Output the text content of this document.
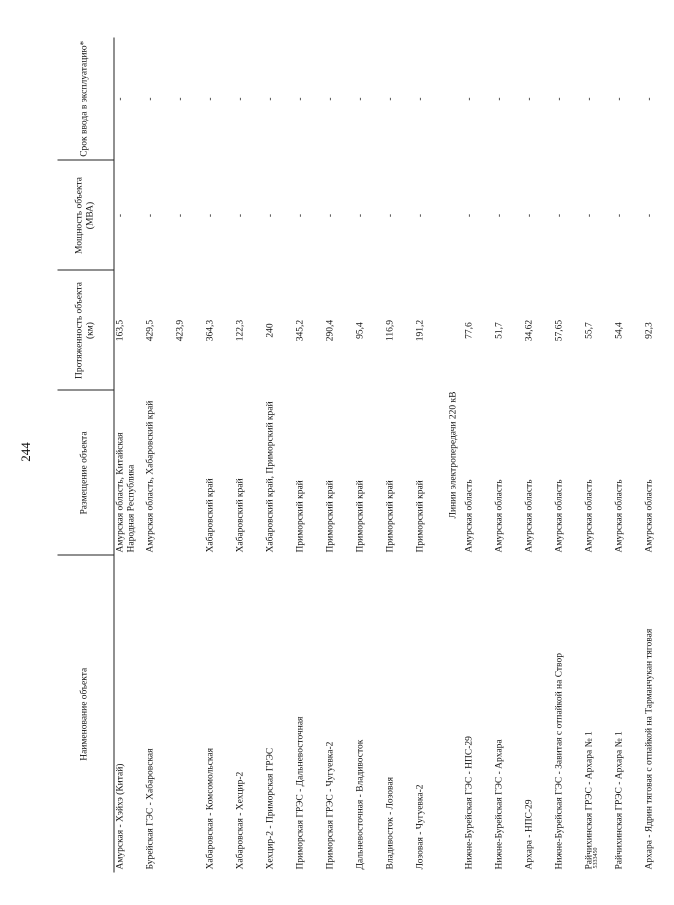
244
5333450
Наименование объекта	Размещение объекта	Протяженность объекта (км)	Мощность объекта (МВА)	Срок ввода в эксплуатацию*
Амурская - Хэйхэ (Китай)	Амурская область, Китайская Народная Республика	163,5	-	-
Бурейская ГЭС - Хабаровская	Амурская область, Хабаровский край	429,5	-	-
		423,9	-	-
Хабаровская - Комсомольская	Хабаровский край	364,3	-	-
Хабаровская - Хехцир-2	Хабаровский край	122,3	-	-
Хехцир-2 - Приморская ГРЭС	Хабаровский край, Приморский край	240	-	-
Приморская ГРЭС - Дальневосточная	Приморский край	345,2	-	-
Приморская ГРЭС - Чугуевка-2	Приморский край	290,4	-	-
Дальневосточная - Владивосток	Приморский край	95,4	-	-
Владивосток - Лозовая	Приморский край	116,9	-	-
Лозовая - Чугуевка-2	Приморский край	191,2	-	-
Линии электропередачи 220 кВ				
Нижне-Бурейская ГЭС - НПС-29	Амурская область	77,6	-	-
Нижне-Бурейская ГЭС - Архара	Амурская область	51,7	-	-
Архара - НПС-29	Амурская область	34,62	-	-
Нижне-Бурейская ГЭС - Завитая с отпайкой на Створ	Амурская область	57,65	-	-
Райчихинская ГРЭС - Архара № 1	Амурская область	55,7	-	-
Райчихинская ГРЭС - Архара № 1	Амурская область	54,4	-	-
Архара - Ядрин тяговая с отпайкой на Тарманчукан тяговая	Амурская область	92,3	-	-
